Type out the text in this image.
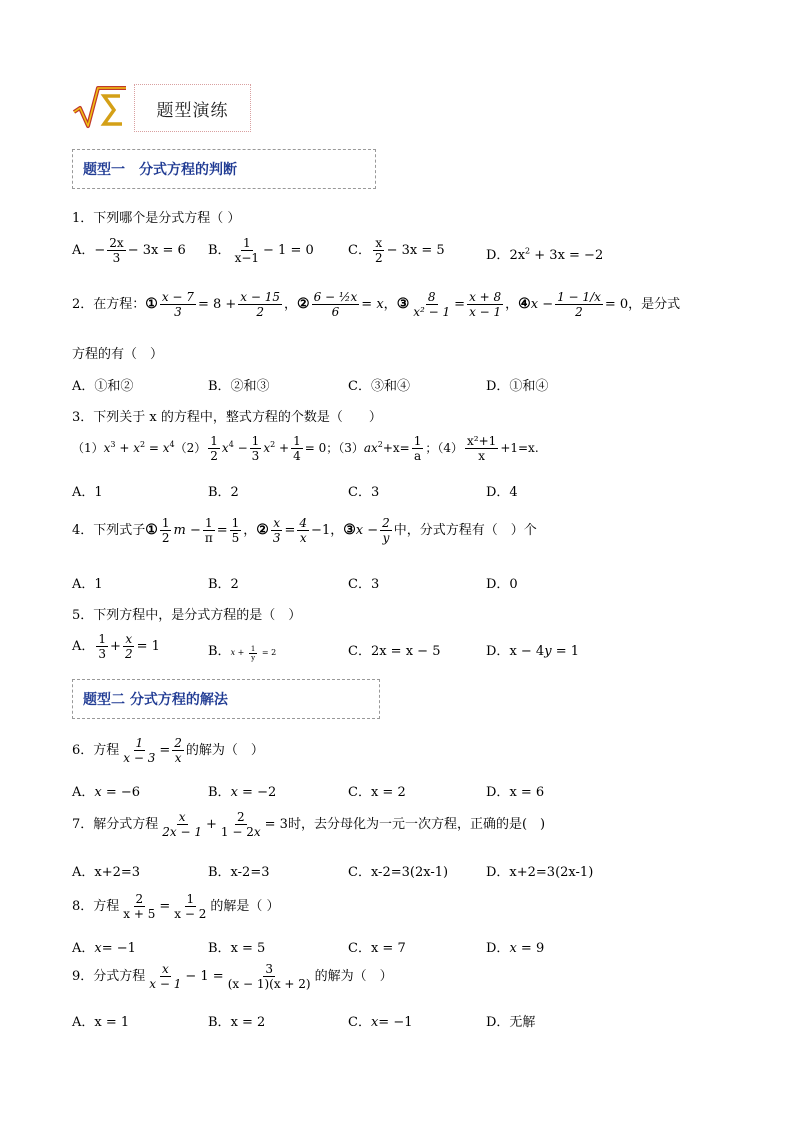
题型演练
题型一　分式方程的判断
1．下列哪个是分式方程（ ）
A．− $\frac{2x}{3} - 3x = 6$ B． $\frac{1}{x-1} - 1 = 0$	C． $\frac{x}{2} - 3x = 5$	D．$2x^2 + 3x = -2$
2．在方程：① $\frac{x - 7}{3} = 8 + \frac{x - 15}{2}$ ，② $\frac{\text{6 − ½x}}{6} = x$，③ $\frac{8}{\text{x² − 1}} = \frac{x + 8}{x - 1}$ ，④x − $\frac{1 - 1/x}{2} = 0$，是分式
方程的有（　）
A．①和②	B．②和③	C．③和④	D．①和④
3．下列关于 x 的方程中，整式方程的个数是（　　）
$(1)x^3 + x^2 = x^4(2) \frac{1}{2} x^4 - \frac{1}{3} x^2 + \frac{1}{4} = 0$；$(3)ax^2+x= \frac{1}{a}$ ；$(4) \frac{\text{x²+1}}{x} +1=x$.
A．1	B．2	C．3	D．4
4．下列式子① $\frac{1}{2}$ $m - \frac{1}{\pi} = \frac{1}{5}$ ，② $\frac{x}{3} = \frac{4}{x} -1$，③x − $\frac{2}{y}$ 中，分式方程有（　）个
A．1	B．2	C．3	D．0
5．下列方程中，是分式方程的是（　）
A． $\frac{1}{3} + \frac{x}{2} = 1$	B．$x + \frac{1}{y} = 2$	C．2x = x − 5	D．x − 4y = 1
题型二 分式方程的解法
6．方程 $\frac{1}{x - 3} = \frac{2}{x}$ 的解为（　）
A．x = −6	B．x = −2	C．x = 2	D．x = 6
7．解分式方程 $\frac{x}{2x - 1} + \frac{2}{1 - 2x} = 3$时，去分母化为一元一次方程，正确的是(　)
A．x+2=3	B．x-2=3	C．x-2=3(2x-1)	D．x+2=3(2x-1)
8．方程 $\frac{2}{x + 5} = \frac{1}{x - 2}$ 的解是（ ）
A．x= −1	B．x = 5	C．x = 7	D．x = 9
9．分式方程 $\frac{x}{x - 1} - 1 = \frac{3}{(x - 1)(x + 2)}$ 的解为（　）
A．x = 1	B．x = 2	C．x= −1	D．无解
